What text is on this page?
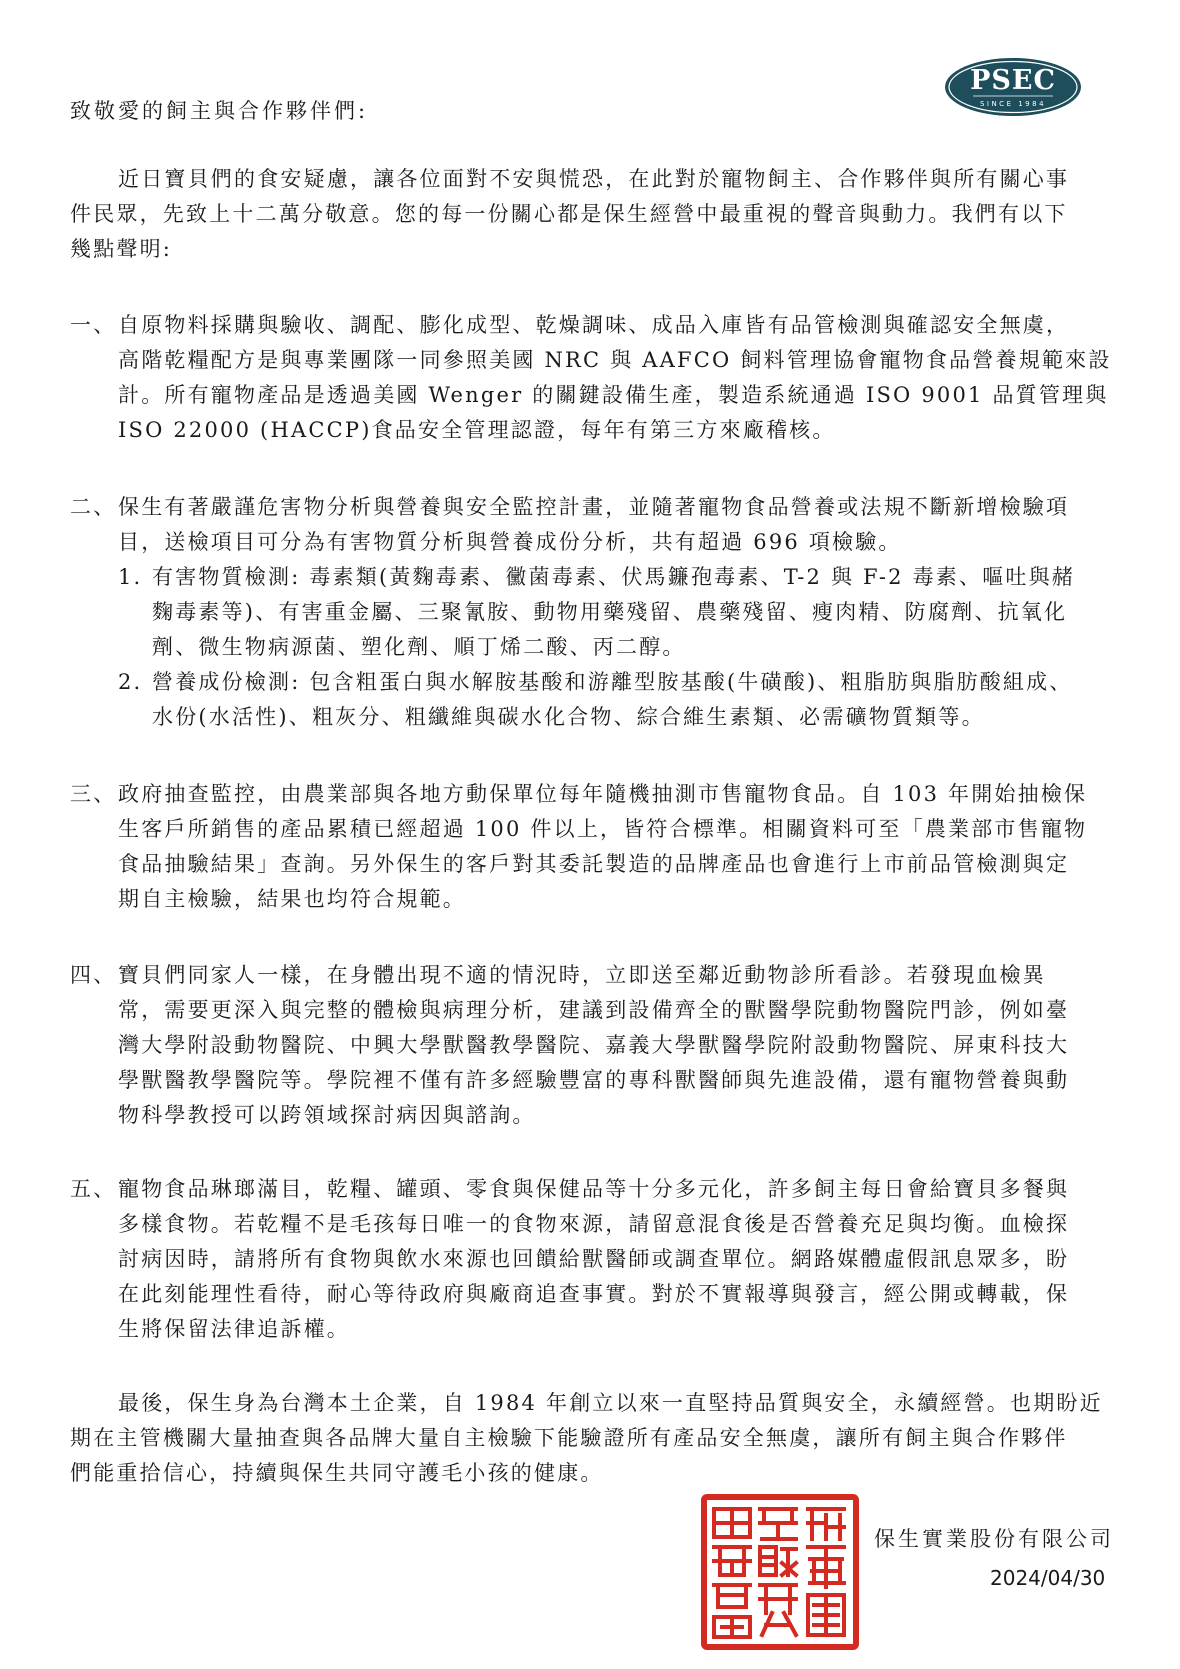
PSEC
SINCE 1984
致敬愛的飼主與合作夥伴們:
近日寶貝們的食安疑慮，讓各位面對不安與慌恐，在此對於寵物飼主、合作夥伴與所有關心事
件民眾，先致上十二萬分敬意。您的每一份關心都是保生經營中最重視的聲音與動力。我們有以下
幾點聲明:
一、自原物料採購與驗收、調配、膨化成型、乾燥調味、成品入庫皆有品管檢測與確認安全無虞，
高階乾糧配方是與專業團隊一同參照美國 NRC 與 AAFCO 飼料管理協會寵物食品營養規範來設
計。所有寵物產品是透過美國 Wenger 的關鍵設備生產，製造系統通過 ISO 9001 品質管理與
ISO 22000 (HACCP)食品安全管理認證，每年有第三方來廠稽核。
二、保生有著嚴謹危害物分析與營養與安全監控計畫，並隨著寵物食品營養或法規不斷新增檢驗項
目，送檢項目可分為有害物質分析與營養成份分析，共有超過 696 項檢驗。
1. 有害物質檢測: 毒素類(黃麴毒素、黴菌毒素、伏馬鐮孢毒素、T-2 與 F-2 毒素、嘔吐與赭
麴毒素等)、有害重金屬、三聚氰胺、動物用藥殘留、農藥殘留、瘦肉精、防腐劑、抗氧化
劑、微生物病源菌、塑化劑、順丁烯二酸、丙二醇。
2. 營養成份檢測: 包含粗蛋白與水解胺基酸和游離型胺基酸(牛磺酸)、粗脂肪與脂肪酸組成、
水份(水活性)、粗灰分、粗纖維與碳水化合物、綜合維生素類、必需礦物質類等。
三、政府抽查監控，由農業部與各地方動保單位每年隨機抽測市售寵物食品。自 103 年開始抽檢保
生客戶所銷售的產品累積已經超過 100 件以上，皆符合標準。相關資料可至「農業部市售寵物
食品抽驗結果」查詢。另外保生的客戶對其委託製造的品牌產品也會進行上市前品管檢測與定
期自主檢驗，結果也均符合規範。
四、寶貝們同家人一樣，在身體出現不適的情況時，立即送至鄰近動物診所看診。若發現血檢異
常，需要更深入與完整的體檢與病理分析，建議到設備齊全的獸醫學院動物醫院門診，例如臺
灣大學附設動物醫院、中興大學獸醫教學醫院、嘉義大學獸醫學院附設動物醫院、屏東科技大
學獸醫教學醫院等。學院裡不僅有許多經驗豐富的專科獸醫師與先進設備，還有寵物營養與動
物科學教授可以跨領域探討病因與諮詢。
五、寵物食品琳瑯滿目，乾糧、罐頭、零食與保健品等十分多元化，許多飼主每日會給寶貝多餐與
多樣食物。若乾糧不是毛孩每日唯一的食物來源，請留意混食後是否營養充足與均衡。血檢探
討病因時，請將所有食物與飲水來源也回饋給獸醫師或調查單位。網路媒體虛假訊息眾多，盼
在此刻能理性看待，耐心等待政府與廠商追查事實。對於不實報導與發言，經公開或轉載，保
生將保留法律追訴權。
最後，保生身為台灣本土企業，自 1984 年創立以來一直堅持品質與安全，永續經營。也期盼近
期在主管機關大量抽查與各品牌大量自主檢驗下能驗證所有產品安全無虞，讓所有飼主與合作夥伴
們能重拾信心，持續與保生共同守護毛小孩的健康。
保生實業股份有限公司
2024/04/30
